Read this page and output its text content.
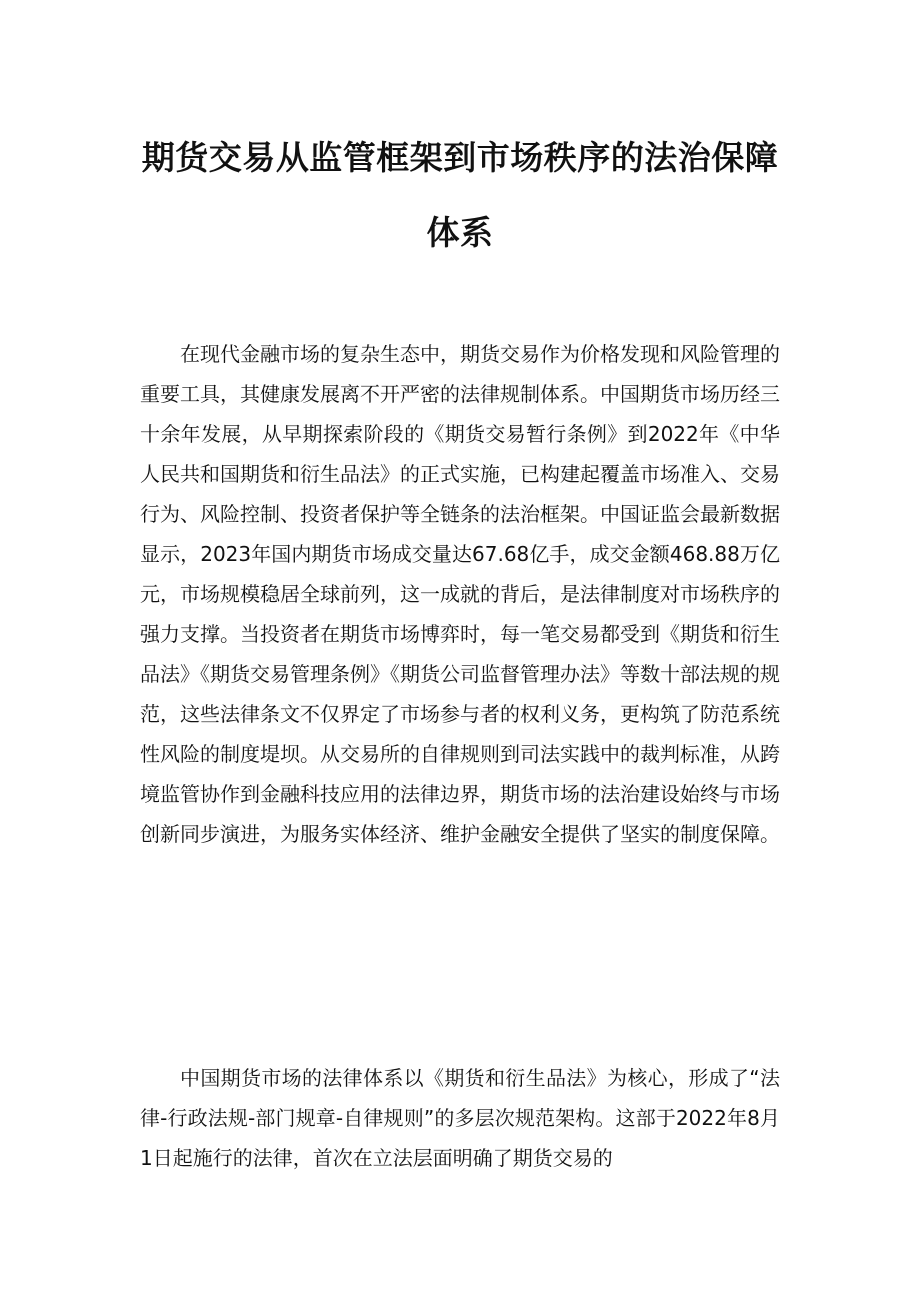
期货交易从监管框架到市场秩序的法治保障体系

在现代金融市场的复杂生态中，期货交易作为价格发现和风险管理的重要工具，其健康发展离不开严密的法律规制体系。中国期货市场历经三十余年发展，从早期探索阶段的《期货交易暂行条例》到2022年《中华人民共和国期货和衍生品法》的正式实施，已构建起覆盖市场准入、交易行为、风险控制、投资者保护等全链条的法治框架。中国证监会最新数据显示，2023年国内期货市场成交量达67.68亿手，成交金额468.88万亿元，市场规模稳居全球前列，这一成就的背后，是法律制度对市场秩序的强力支撑。当投资者在期货市场博弈时，每一笔交易都受到《期货和衍生品法》《期货交易管理条例》《期货公司监督管理办法》等数十部法规的规范，这些法律条文不仅界定了市场参与者的权利义务，更构筑了防范系统性风险的制度堤坝。从交易所的自律规则到司法实践中的裁判标准，从跨境监管协作到金融科技应用的法律边界，期货市场的法治建设始终与市场创新同步演进，为服务实体经济、维护金融安全提供了坚实的制度保障。

中国期货市场的法律体系以《期货和衍生品法》为核心，形成了“法律-行政法规-部门规章-自律规则”的多层次规范架构。这部于2022年8月1日起施行的法律，首次在立法层面明确了期货交易的
